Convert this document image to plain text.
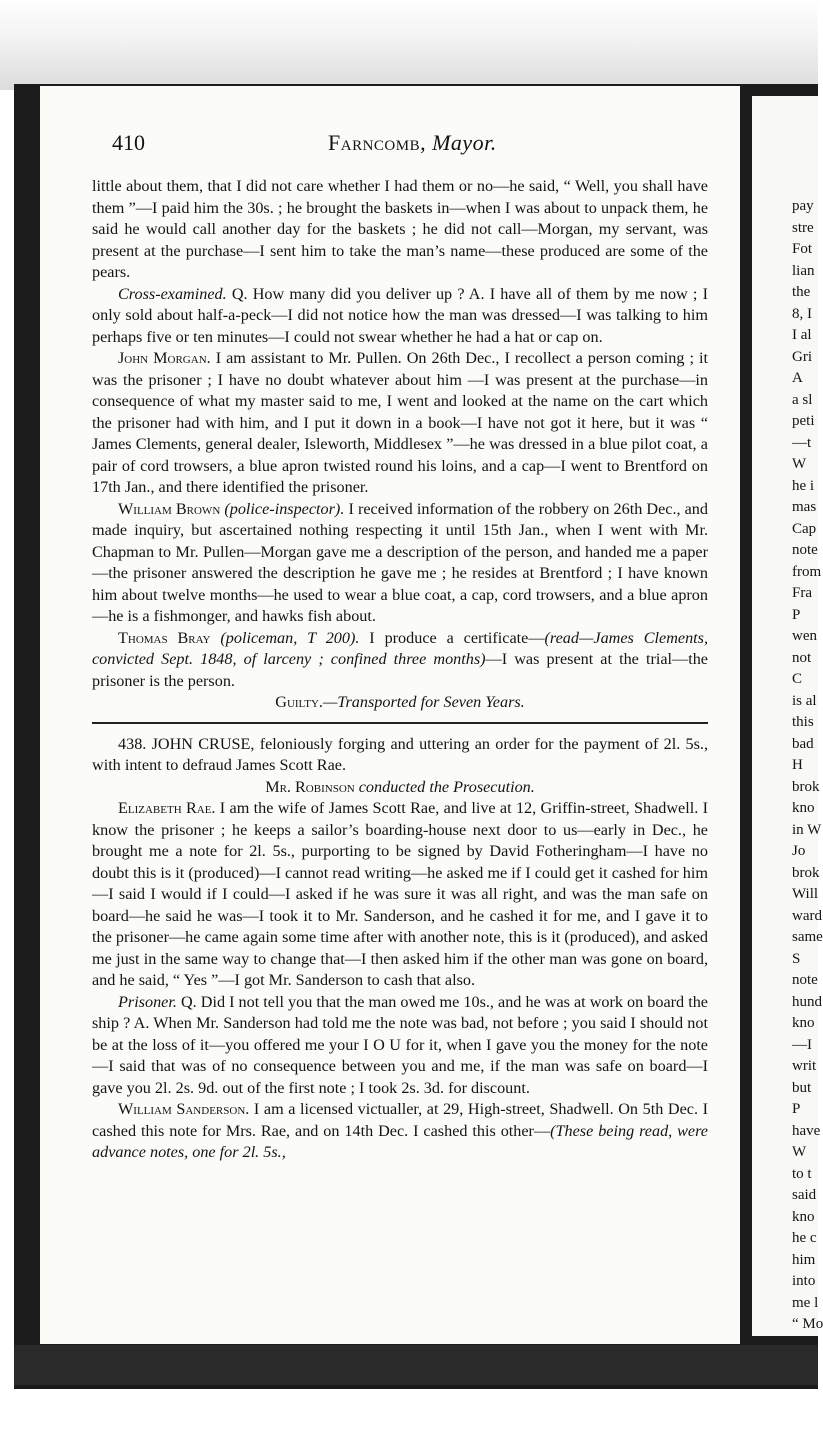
pay
stre
Fot
lian
the
8, I
I al
Gri
A
a sl
peti
—t
W
he i
mas
Cap
note
from
Fra
P
wen
not
C
is al
this
bad
H
brok
kno
in W
Jo
brok
Will
ward
same
S
note
hund
kno
—I
writ
but
P
have
W
to t
said
kno
he c
him
into
me l
“ Mo
410	Farncomb, Mayor.

little about them, that I did not care whether I had them or no—he said, “ Well, you shall have them ”—I paid him the 30s. ; he brought the baskets in—when I was about to unpack them, he said he would call another day for the baskets ; he did not call—Morgan, my servant, was present at the purchase—I sent him to take the man’s name—these produced are some of the pears.

Cross-examined. Q. How many did you deliver up ? A. I have all of them by me now ; I only sold about half-a-peck—I did not notice how the man was dressed—I was talking to him perhaps five or ten minutes—I could not swear whether he had a hat or cap on.

John Morgan. I am assistant to Mr. Pullen. On 26th Dec., I recollect a person coming ; it was the prisoner ; I have no doubt whatever about him —I was present at the purchase—in consequence of what my master said to me, I went and looked at the name on the cart which the prisoner had with him, and I put it down in a book—I have not got it here, but it was “ James Clements, general dealer, Isleworth, Middlesex ”—he was dressed in a blue pilot coat, a pair of cord trowsers, a blue apron twisted round his loins, and a cap—I went to Brentford on 17th Jan., and there identified the prisoner.

William Brown (police-inspector). I received information of the robbery on 26th Dec., and made inquiry, but ascertained nothing respecting it until 15th Jan., when I went with Mr. Chapman to Mr. Pullen—Morgan gave me a description of the person, and handed me a paper—the prisoner answered the description he gave me ; he resides at Brentford ; I have known him about twelve months—he used to wear a blue coat, a cap, cord trowsers, and a blue apron—he is a fishmonger, and hawks fish about.

Thomas Bray (policeman, T 200). I produce a certificate—(read—James Clements, convicted Sept. 1848, of larceny ; confined three months)—I was present at the trial—the prisoner is the person.

Guilty.—Transported for Seven Years.

438. JOHN CRUSE, feloniously forging and uttering an order for the payment of 2l. 5s., with intent to defraud James Scott Rae.

Mr. Robinson conducted the Prosecution.

Elizabeth Rae. I am the wife of James Scott Rae, and live at 12, Griffin-street, Shadwell. I know the prisoner ; he keeps a sailor’s boarding-house next door to us—early in Dec., he brought me a note for 2l. 5s., purporting to be signed by David Fotheringham—I have no doubt this is it (produced)—I cannot read writing—he asked me if I could get it cashed for him —I said I would if I could—I asked if he was sure it was all right, and was the man safe on board—he said he was—I took it to Mr. Sanderson, and he cashed it for me, and I gave it to the prisoner—he came again some time after with another note, this is it (produced), and asked me just in the same way to change that—I then asked him if the other man was gone on board, and he said, “ Yes ”—I got Mr. Sanderson to cash that also.

Prisoner. Q. Did I not tell you that the man owed me 10s., and he was at work on board the ship ? A. When Mr. Sanderson had told me the note was bad, not before ; you said I should not be at the loss of it—you offered me your I O U for it, when I gave you the money for the note—I said that was of no consequence between you and me, if the man was safe on board—I gave you 2l. 2s. 9d. out of the first note ; I took 2s. 3d. for discount.

William Sanderson. I am a licensed victualler, at 29, High-street, Shadwell. On 5th Dec. I cashed this note for Mrs. Rae, and on 14th Dec. I cashed this other—(These being read, were advance notes, one for 2l. 5s.,
